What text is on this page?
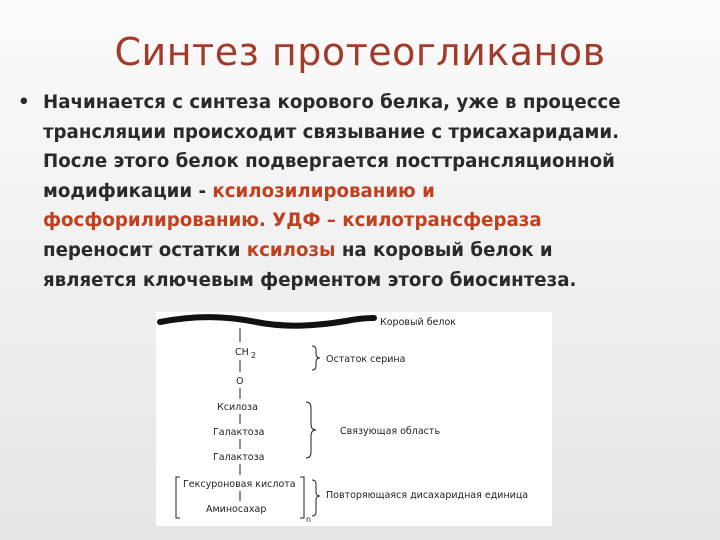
Синтез протеогликанов
• Начинается с синтеза корового белка, уже в процессе
трансляции происходит связывание с трисахаридами.
После этого белок подвергается посттрансляционной
модификации - ксилозилированию и
фосфорилированию. УДФ – ксилотрансфераза
переносит остатки ксилозы на коровый белок и
является ключевым ферментом этого биосинтеза.
Коровый белок
CH 2
O
Ксилоза
Галактоза
Галактоза
Гексуроновая кислота
Аминосахар
n
Остаток серина
Связующая область
Повторяющаяся дисахаридная единица
